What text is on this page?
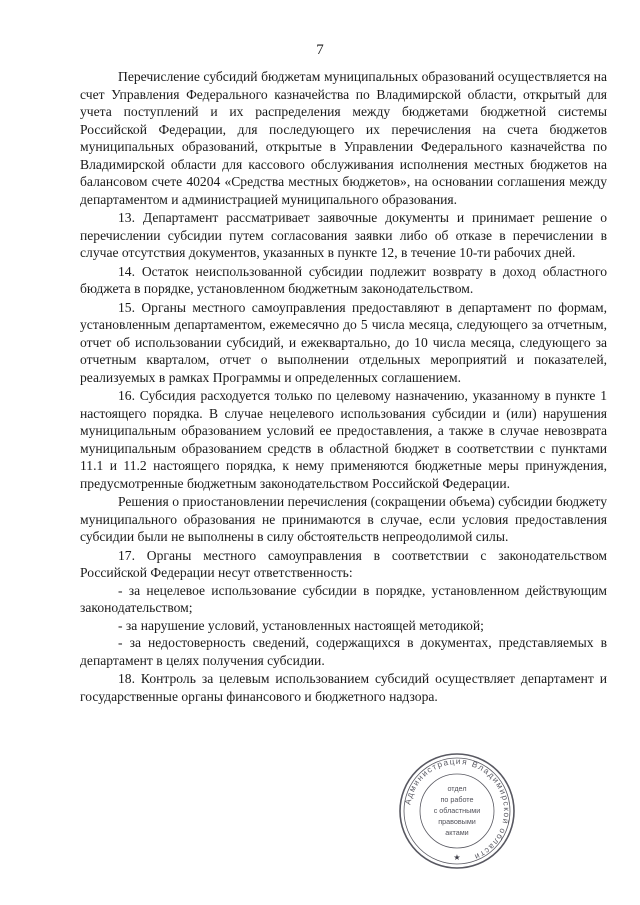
7

Перечисление субсидий бюджетам муниципальных образований осуществляется на счет Управления Федерального казначейства по Владимирской области, открытый для учета поступлений и их распределения между бюджетами бюджетной системы Российской Федерации, для последующего их перечисления на счета бюджетов муниципальных образований, открытые в Управлении Федерального казначейства по Владимирской области для кассового обслуживания исполнения местных бюджетов на балансовом счете 40204 «Средства местных бюджетов», на основании соглашения между департаментом и администрацией муниципального образования.

13. Департамент рассматривает заявочные документы и принимает решение о перечислении субсидии путем согласования заявки либо об отказе в перечислении в случае отсутствия документов, указанных в пункте 12, в течение 10-ти рабочих дней.

14. Остаток неиспользованной субсидии подлежит возврату в доход областного бюджета в порядке, установленном бюджетным законодательством.

15. Органы местного самоуправления предоставляют в департамент по формам, установленным департаментом, ежемесячно до 5 числа месяца, следующего за отчетным, отчет об использовании субсидий, и ежеквартально, до 10 числа месяца, следующего за отчетным кварталом, отчет о выполнении отдельных мероприятий и показателей, реализуемых в рамках Программы и определенных соглашением.

16. Субсидия расходуется только по целевому назначению, указанному в пункте 1 настоящего порядка. В случае нецелевого использования субсидии и (или) нарушения муниципальным образованием условий ее предоставления, а также в случае невозврата муниципальным образованием средств в областной бюджет в соответствии с пунктами 11.1 и 11.2 настоящего порядка, к нему применяются бюджетные меры принуждения, предусмотренные бюджетным законодательством Российской Федерации.

Решения о приостановлении перечисления (сокращении объема) субсидии бюджету муниципального образования не принимаются в случае, если условия предоставления субсидии были не выполнены в силу обстоятельств непреодолимой силы.

17. Органы местного самоуправления в соответствии с законодательством Российской Федерации несут ответственность:

- за нецелевое использование субсидии в порядке, установленном действующим законодательством;

- за нарушение условий, установленных настоящей методикой;

- за недостоверность сведений, содержащихся в документах, представляемых в департамент в целях получения субсидии.

18. Контроль за целевым использованием субсидий осуществляет департамент и государственные органы финансового и бюджетного надзора.

Администрация Владимирской области
отдел
по работе
с областными
правовыми
актами
★
